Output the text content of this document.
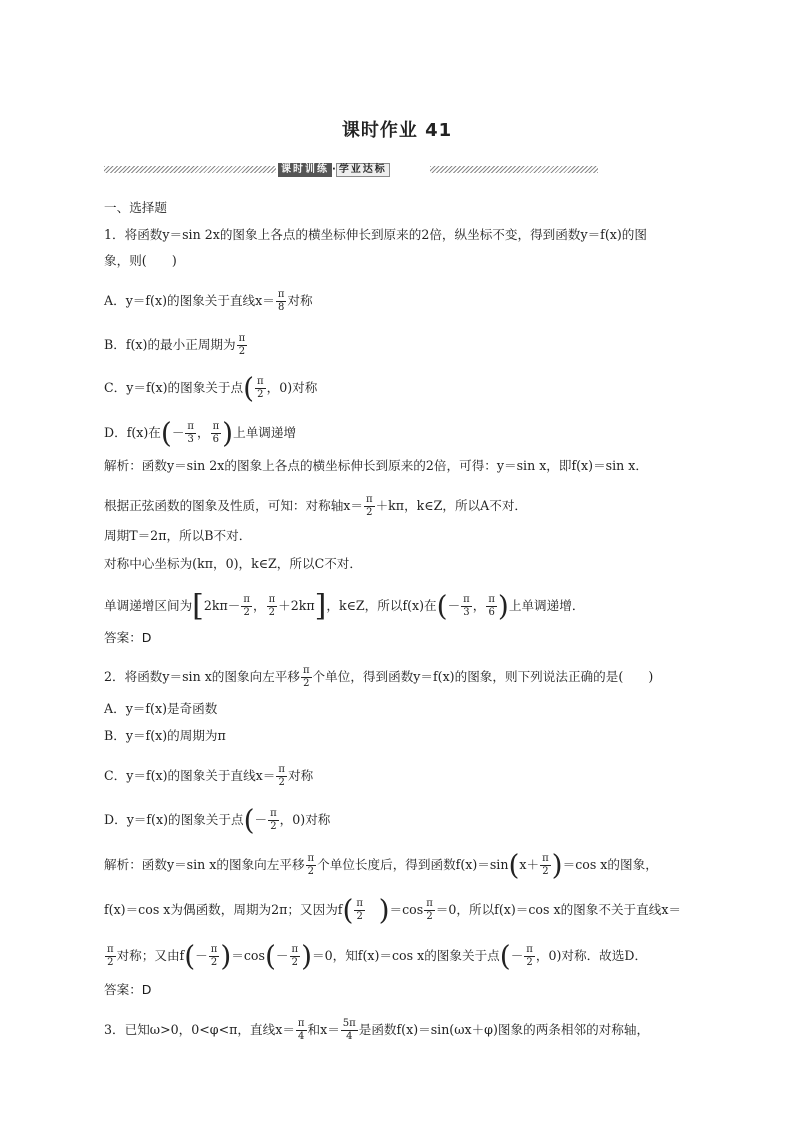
课时作业 41
课时训练 · 学业达标
一、选择题
1．将函数y＝sin 2x的图象上各点的横坐标伸长到原来的2倍，纵坐标不变，得到函数y＝f(x)的图
象，则(　　)
A．y＝f(x)的图象关于直线$x= \frac{\pi}{8}$ 对称
B．f(x)的最小正周期为 $\frac{\pi}{2}$
C．y＝f(x)的图象关于点( $\frac{\pi}{2}$ ，0)对称
D．f(x)在(－ $\frac{\pi}{3}$ ， $\frac{\pi}{6}$ )上单调递增
解析：函数y＝sin 2x的图象上各点的横坐标伸长到原来的2倍，可得：y＝sin x，即f(x)＝sin x．
根据正弦函数的图象及性质，可知：对称轴$x= \frac{\pi}{2} +k\pi$，k∈Z，所以A不对．
周期T＝2π，所以B不对．
对称中心坐标为(kπ，0)，k∈Z，所以C不对．
单调递增区间为[$2k\pi- \frac{\pi}{2}$ ， $\frac{\pi}{2} +2k\pi$]，k∈Z，所以f(x)在(－ $\frac{\pi}{3}$ ， $\frac{\pi}{6}$ )上单调递增．
答案：D
2．将函数y＝sin x的图象向左平移 $\frac{\pi}{2}$ 个单位，得到函数y＝f(x)的图象，则下列说法正确的是(　　)
A．y＝f(x)是奇函数
B．y＝f(x)的周期为π
C．y＝f(x)的图象关于直线$x= \frac{\pi}{2}$ 对称
D．y＝f(x)的图象关于点(－ $\frac{\pi}{2}$ ，0)对称
解析：函数y＝sin x的图象向左平移 $\frac{\pi}{2}$ 个单位长度后，得到函数$f(x)=\sin(x+ \frac{\pi}{2} )=\cos$ x的图象，
f(x)＝cos x为偶函数，周期为2π；又因为$f( \frac{\pi}{2}$
  )$=\cos \frac{\pi}{2} =0$，所以f(x)＝cos x的图象不关于直线x＝
$\frac{\pi}{2}$ 对称；又由$f(- \frac{\pi}{2} )=\cos(- \frac{\pi}{2} )=0$，知f(x)＝cos x的图象关于点(－ $\frac{\pi}{2}$ ，0)对称．故选D．
答案：D
3．已知ω>0，0<φ<π，直线$x= \frac{\pi}{4}$ 和$x= \frac{5\pi}{4}$ 是函数f(x)＝sin(ωx＋φ)图象的两条相邻的对称轴，
